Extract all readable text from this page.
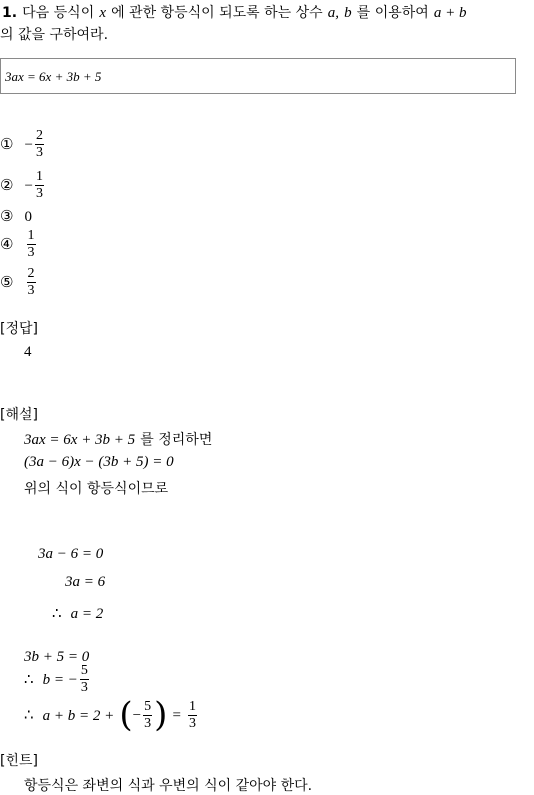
1. 다음 등식이 x 에 관한 항등식이 되도록 하는 상수 a, b 를 이용하여 a + b
의 값을 구하여라.
3ax = 6x + 3b + 5
① − $\frac{2}{3}$
② − $\frac{1}{3}$
③ 0
④ $\frac{1}{3}$
⑤ $\frac{2}{3}$
[정답]
4
[해설]
3ax = 6x + 3b + 5 를 정리하면
(3a − 6)x − (3b + 5) = 0
위의 식이 항등식이므로
3a − 6 = 0
3a = 6
∴ a = 2
3b + 5 = 0
∴ b = − $\frac{5}{3}$
∴ a + b = 2 + (− $\frac{5}{3}$ ) = $\frac{1}{3}$
[힌트]
항등식은 좌변의 식과 우변의 식이 같아야 한다.
